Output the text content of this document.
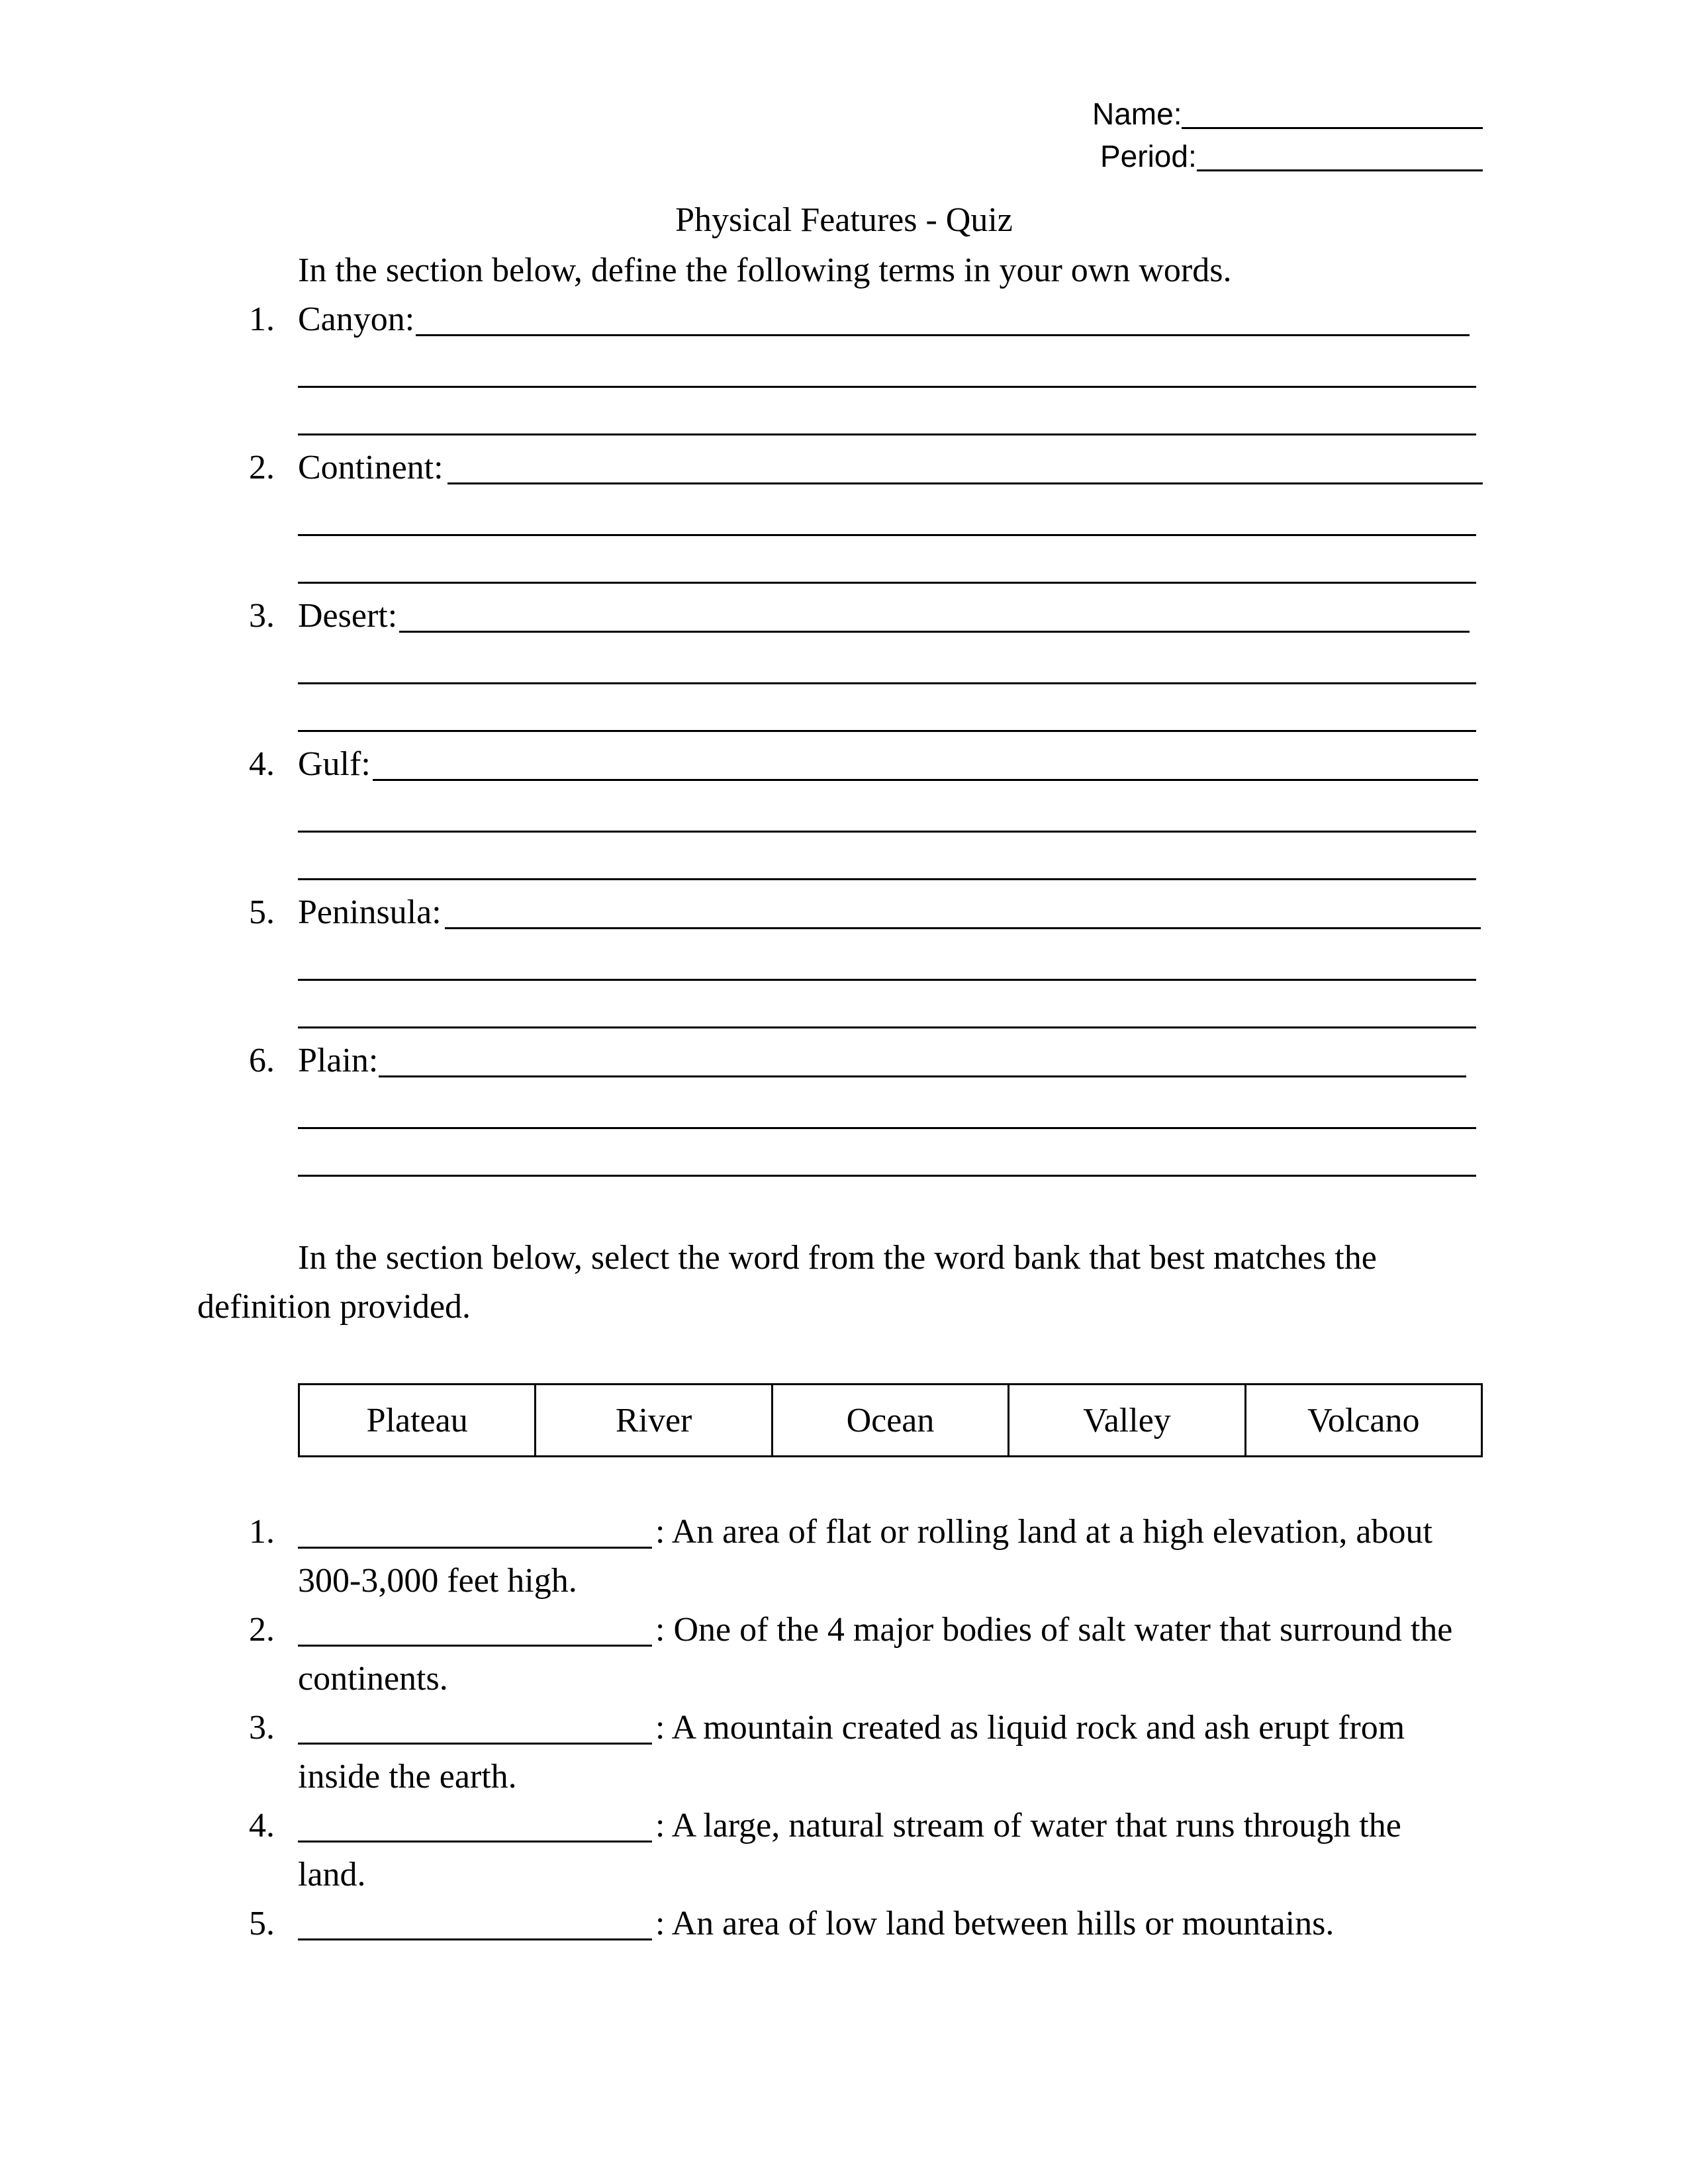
Name:
Period:
Physical Features - Quiz
In the section below, define the following terms in your own words.
1. Canyon:
2. Continent:
3. Desert:
4. Gulf:
5. Peninsula:
6. Plain:
In the section below, select the word from the word bank that best matches the
definition provided.
Plateau	River	Ocean	Valley	Volcano
1.	: An area of flat or rolling land at a high elevation, about
300-3,000 feet high.
2.	: One of the 4 major bodies of salt water that surround the
continents.
3.	: A mountain created as liquid rock and ash erupt from
inside the earth.
4.	: A large, natural stream of water that runs through the
land.
5.	: An area of low land between hills or mountains.
